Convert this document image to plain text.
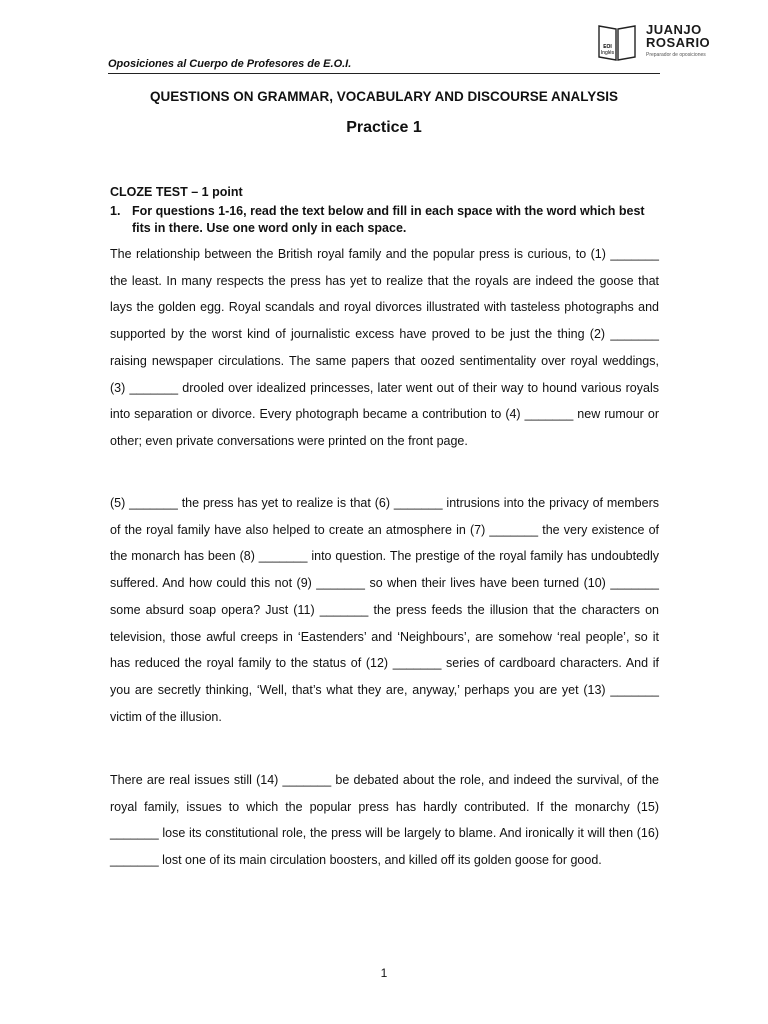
Oposiciones al Cuerpo de Profesores de E.O.I.
EOI
Inglés
JUANJO
ROSARIO
Preparador de oposiciones
QUESTIONS ON GRAMMAR, VOCABULARY AND DISCOURSE ANALYSIS
Practice 1
CLOZE TEST – 1 point
1. For questions 1-16, read the text below and fill in each space with the word which best fits in there. Use one word only in each space.

The relationship between the British royal family and the popular press is curious, to (1) _______ the least. In many respects the press has yet to realize that the royals are indeed the goose that lays the golden egg. Royal scandals and royal divorces illustrated with tasteless photographs and supported by the worst kind of journalistic excess have proved to be just the thing (2) _______ raising newspaper circulations. The same papers that oozed sentimentality over royal weddings, (3) _______ drooled over idealized princesses, later went out of their way to hound various royals into separation or divorce. Every photograph became a contribution to (4) _______ new rumour or other; even private conversations were printed on the front page.

(5) _______ the press has yet to realize is that (6) _______ intrusions into the privacy of members of the royal family have also helped to create an atmosphere in (7) _______ the very existence of the monarch has been (8) _______ into question. The prestige of the royal family has undoubtedly suffered. And how could this not (9) _______ so when their lives have been turned (10) _______ some absurd soap opera? Just (11) _______ the press feeds the illusion that the characters on television, those awful creeps in ‘Eastenders’ and ‘Neighbours’, are somehow ‘real people’, so it has reduced the royal family to the status of (12) _______ series of cardboard characters. And if you are secretly thinking, ‘Well, that’s what they are, anyway,’ perhaps you are yet (13) _______ victim of the illusion.

There are real issues still (14) _______ be debated about the role, and indeed the survival, of the royal family, issues to which the popular press has hardly contributed. If the monarchy (15) _______ lose its constitutional role, the press will be largely to blame. And ironically it will then (16) _______ lost one of its main circulation boosters, and killed off its golden goose for good.

1
